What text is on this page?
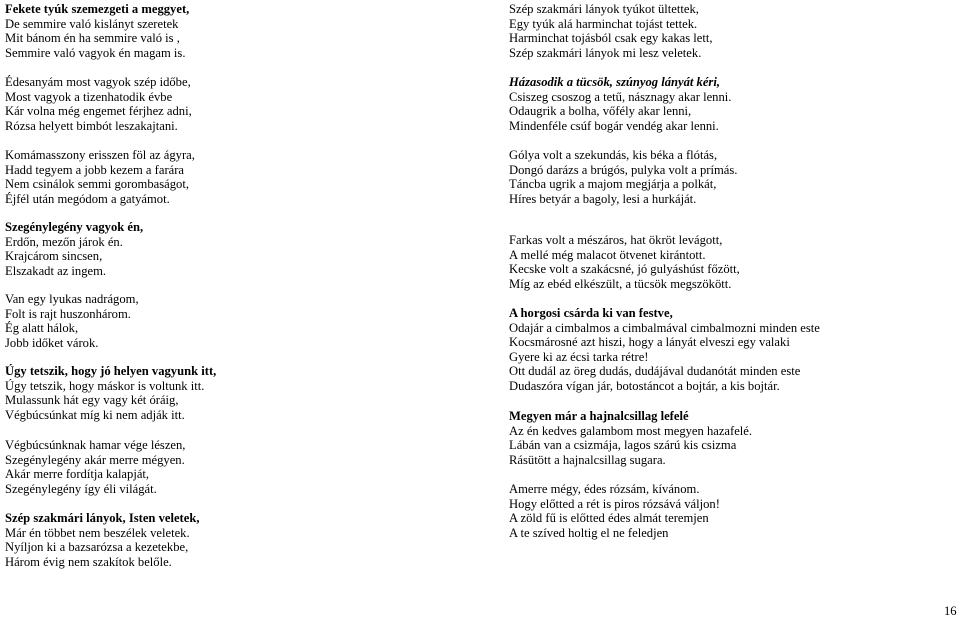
Fekete tyúk szemezgeti a meggyet,
De semmire való kislányt szeretek
Mit bánom én ha semmire való is ,
Semmire való vagyok én magam is.
Édesanyám most vagyok szép időbe,
Most vagyok a tizenhatodik évbe
Kár volna még engemet férjhez adni,
Rózsa helyett bimbót leszakajtani.
Komámasszony erisszen föl az ágyra,
Hadd tegyem a jobb kezem a farára
Nem csinálok semmi gorombaságot,
Éjfél után megódom a gatyámot.
Szegénylegény vagyok én,
Erdőn, mezőn járok én.
Krajcárom sincsen,
Elszakadt az ingem.
Van egy lyukas nadrágom,
Folt is rajt huszonhárom.
Ég alatt hálok,
Jobb időket várok.
Úgy tetszik, hogy jó helyen vagyunk itt,
Úgy tetszik, hogy máskor is voltunk itt.
Mulassunk hát egy vagy két óráig,
Végbúcsúnkat míg ki nem adják itt.
Végbúcsúnknak hamar vége lészen,
Szegénylegény akár merre mégyen.
Akár merre fordítja kalapját,
Szegénylegény így éli világát.
Szép szakmári lányok, Isten veletek,
Már én többet nem beszélek veletek.
Nyíljon ki a bazsarózsa a kezetekbe,
Három évig nem szakítok belőle.
Szép szakmári lányok tyúkot ültettek,
Egy tyúk alá harminchat tojást tettek.
Harminchat tojásból csak egy kakas lett,
Szép szakmári lányok mi lesz veletek.
Házasodik a tücsök, szúnyog lányát kéri,
Csiszeg csoszog a tetű, násznagy akar lenni.
Odaugrik a bolha, vőfély akar lenni,
Mindenféle csúf bogár vendég akar lenni.
Gólya volt a szekundás, kis béka a flótás,
Dongó darázs a brúgós, pulyka volt a prímás.
Táncba ugrik a majom megjárja a polkát,
Híres betyár a bagoly, lesi a hurkáját.
Farkas volt a mészáros, hat ökröt levágott,
A mellé még malacot ötvenet kirántott.
Kecske volt a szakácsné, jó gulyáshúst főzött,
Míg az ebéd elkészült, a tücsök megszökött.
A horgosi csárda ki van festve,
Odajár a cimbalmos a cimbalmával cimbalmozni minden este
Kocsmárosné azt hiszi, hogy a lányát elveszi egy valaki
Gyere ki az écsi tarka rétre!
Ott dudál az öreg dudás, dudájával dudanótát minden este
Dudaszóra vígan jár, botostáncot a bojtár, a kis bojtár.
Megyen már a hajnalcsillag lefelé
Az én kedves galambom most megyen hazafelé.
Lábán van a csizmája, lagos szárú kis csizma
Rásütött a hajnalcsillag sugara.
Amerre mégy, édes rózsám, kívánom.
Hogy előtted a rét is piros rózsává váljon!
A zöld fű is előtted édes almát teremjen
A te szíved holtig el ne feledjen
16
